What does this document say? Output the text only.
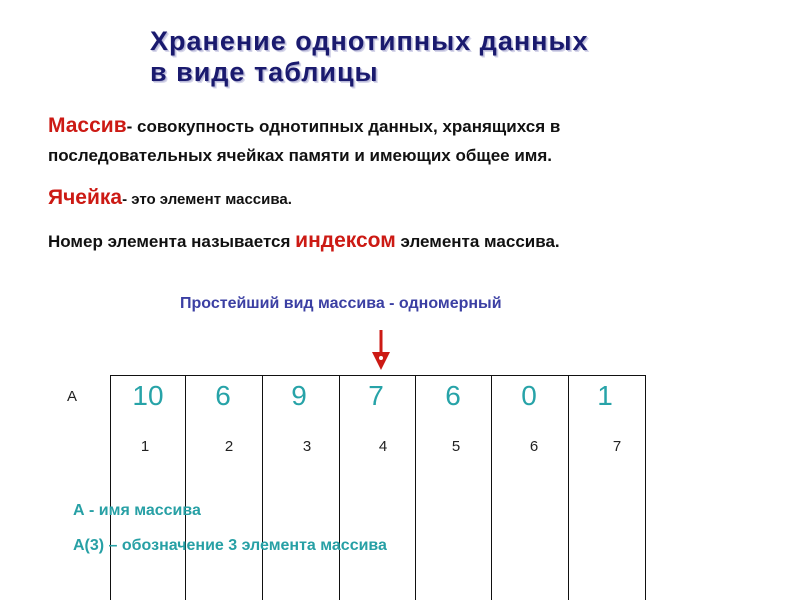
Хранение однотипных данных
в виде таблицы
Массив- совокупность однотипных данных, хранящихся в
последовательных ячейках памяти и имеющих общее имя.
Ячейка- это элемент массива.
Номер элемента называется индексом элемента массива.
Простейший вид массива - одномерный
А	10	6	9	7	6	0	1
1	2	3	4	5	6	7
А - имя массива
А(3) – обозначение 3 элемента массива
